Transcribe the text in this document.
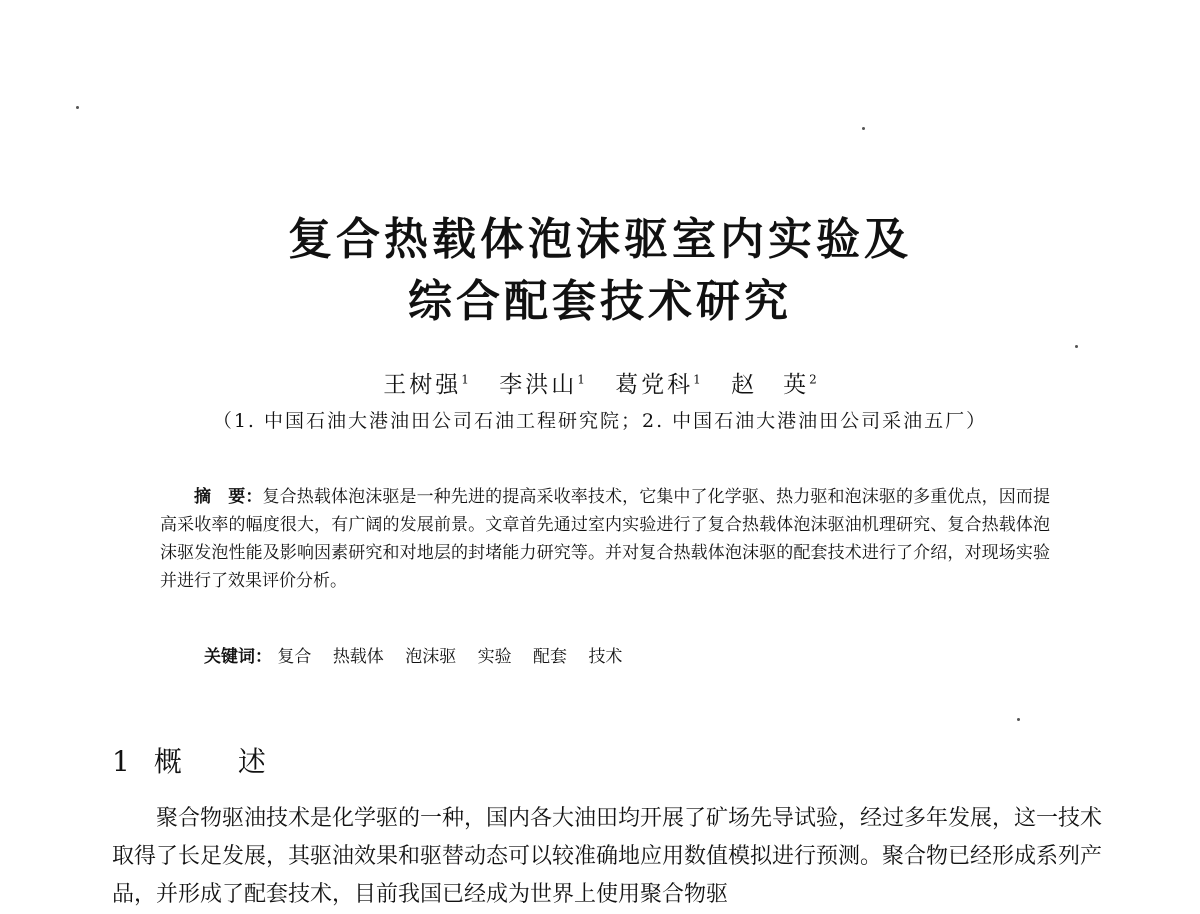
复合热载体泡沫驱室内实验及
综合配套技术研究
王树强$^1$ 李洪山$^1$ 葛党科$^1$ 赵　英$^2$
（1. 中国石油大港油田公司石油工程研究院；2. 中国石油大港油田公司采油五厂）
摘　要：复合热载体泡沫驱是一种先进的提高采收率技术，它集中了化学驱、热力驱和泡沫驱的多重优点，因而提高采收率的幅度很大，有广阔的发展前景。文章首先通过室内实验进行了复合热载体泡沫驱油机理研究、复合热载体泡沫驱发泡性能及影响因素研究和对地层的封堵能力研究等。并对复合热载体泡沫驱的配套技术进行了介绍，对现场实验并进行了效果评价分析。
关键词： 复合 热载体 泡沫驱 实验 配套 技术
1 概述
聚合物驱油技术是化学驱的一种，国内各大油田均开展了矿场先导试验，经过多年发展，这一技术取得了长足发展，其驱油效果和驱替动态可以较准确地应用数值模拟进行预测。聚合物已经形成系列产品，并形成了配套技术，目前我国已经成为世界上使用聚合物驱
